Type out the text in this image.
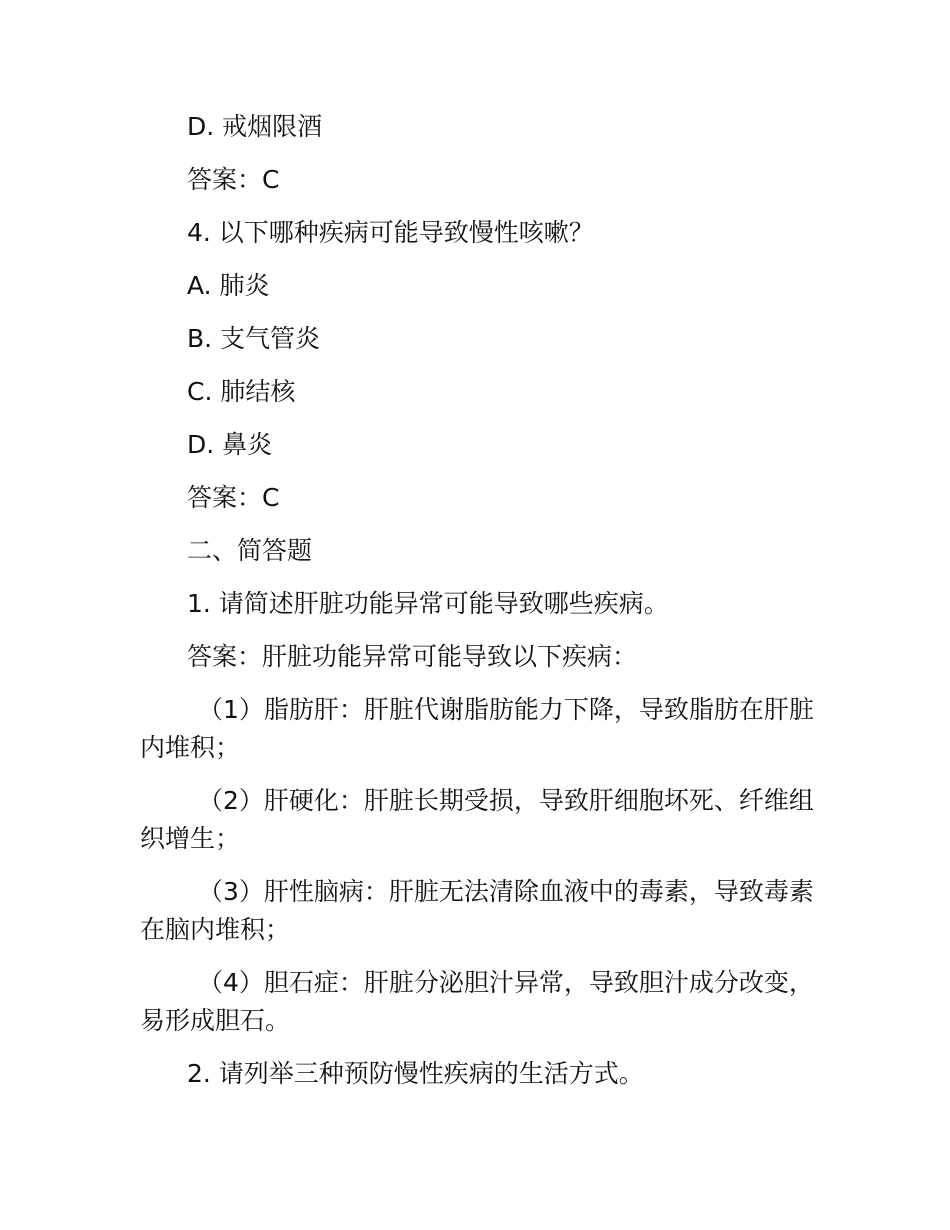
D. 戒烟限酒

答案：C

4. 以下哪种疾病可能导致慢性咳嗽？

A. 肺炎

B. 支气管炎

C. 肺结核

D. 鼻炎

答案：C

二、简答题

1. 请简述肝脏功能异常可能导致哪些疾病。

答案：肝脏功能异常可能导致以下疾病：

（1）脂肪肝：肝脏代谢脂肪能力下降，导致脂肪在肝脏

内堆积；

（2）肝硬化：肝脏长期受损，导致肝细胞坏死、纤维组

织增生；

（3）肝性脑病：肝脏无法清除血液中的毒素，导致毒素

在脑内堆积；

（4）胆石症：肝脏分泌胆汁异常，导致胆汁成分改变，

易形成胆石。

2. 请列举三种预防慢性疾病的生活方式。
